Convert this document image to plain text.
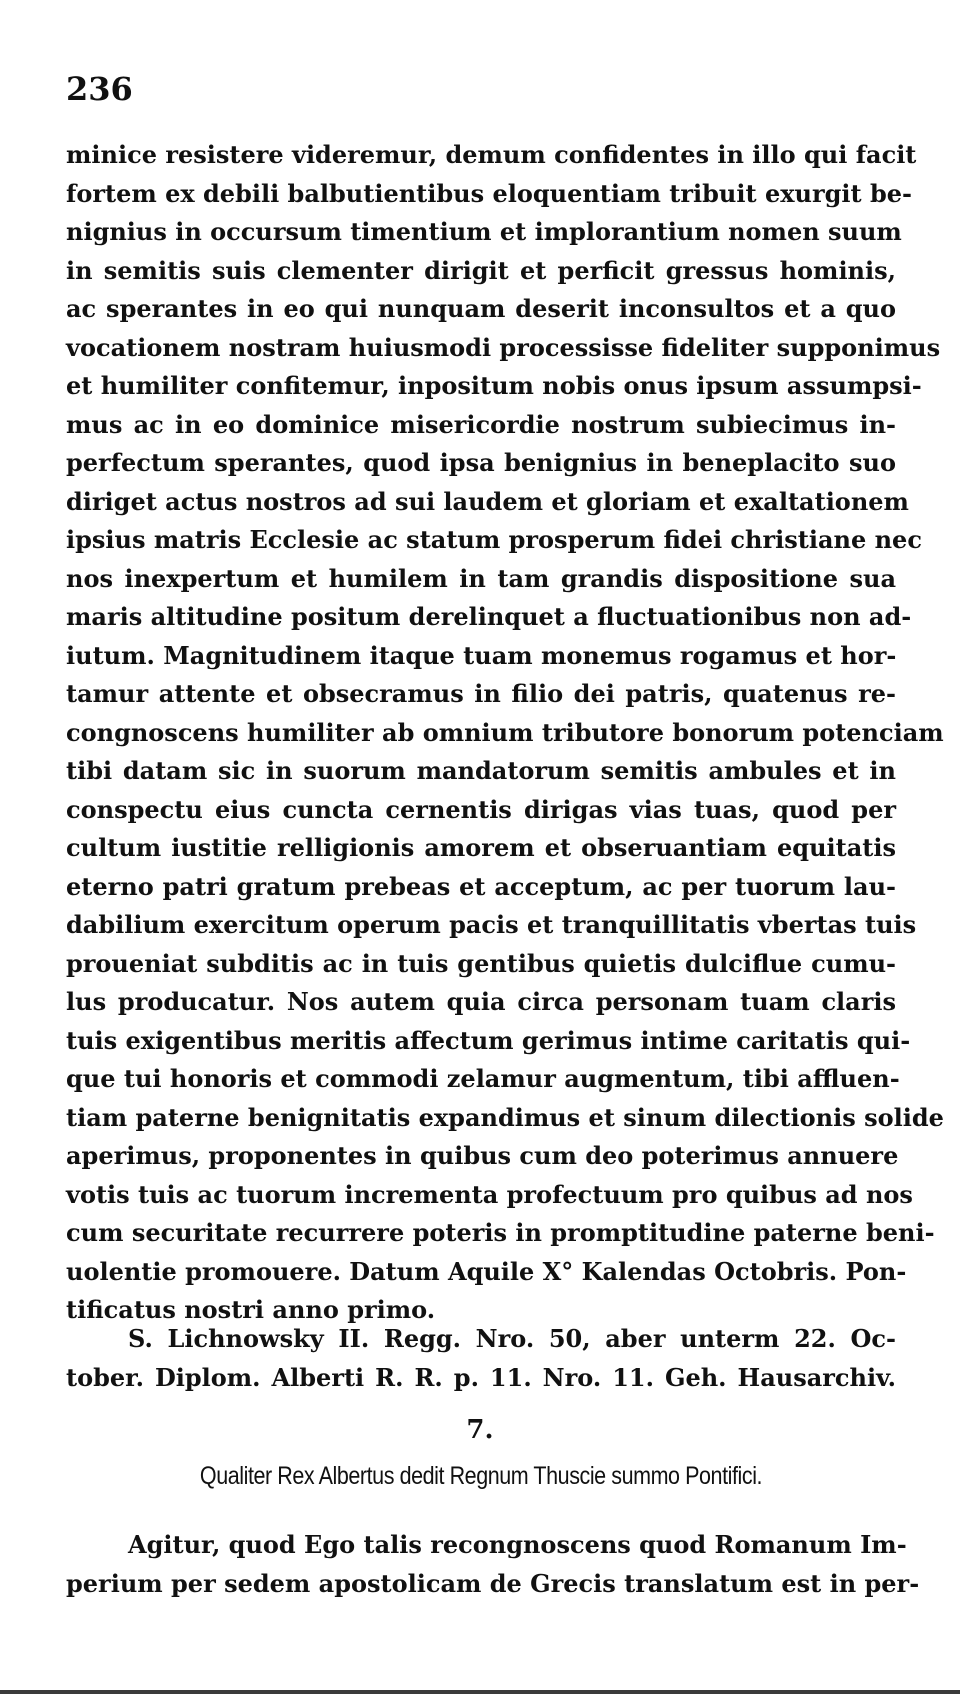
236
minice resistere videremur, demum confidentes in illo qui facit
fortem ex debili balbutientibus eloquentiam tribuit exurgit be-
nignius in occursum timentium et implorantium nomen suum
in semitis suis clementer dirigit et perficit gressus hominis,
ac sperantes in eo qui nunquam deserit inconsultos et a quo
vocationem nostram huiusmodi processisse fideliter supponimus
et humiliter confitemur, inpositum nobis onus ipsum assumpsi-
mus ac in eo dominice misericordie nostrum subiecimus in-
perfectum sperantes, quod ipsa benignius in beneplacito suo
diriget actus nostros ad sui laudem et gloriam et exaltationem
ipsius matris Ecclesie ac statum prosperum fidei christiane nec
nos inexpertum et humilem in tam grandis dispositione sua
maris altitudine positum derelinquet a fluctuationibus non ad-
iutum. Magnitudinem itaque tuam monemus rogamus et hor-
tamur attente et obsecramus in filio dei patris, quatenus re-
congnoscens humiliter ab omnium tributore bonorum potenciam
tibi datam sic in suorum mandatorum semitis ambules et in
conspectu eius cuncta cernentis dirigas vias tuas, quod per
cultum iustitie relligionis amorem et obseruantiam equitatis
eterno patri gratum prebeas et acceptum, ac per tuorum lau-
dabilium exercitum operum pacis et tranquillitatis vbertas tuis
proueniat subditis ac in tuis gentibus quietis dulciflue cumu-
lus producatur. Nos autem quia circa personam tuam claris
tuis exigentibus meritis affectum gerimus intime caritatis qui-
que tui honoris et commodi zelamur augmentum, tibi affluen-
tiam paterne benignitatis expandimus et sinum dilectionis solide
aperimus, proponentes in quibus cum deo poterimus annuere
votis tuis ac tuorum incrementa profectuum pro quibus ad nos
cum securitate recurrere poteris in promptitudine paterne beni-
uolentie promouere. Datum Aquile X° Kalendas Octobris. Pon-
tificatus nostri anno primo.
S. Lichnowsky II. Regg. Nro. 50, aber unterm 22. Oc-
tober. Diplom. Alberti R. R. p. 11. Nro. 11. Geh. Hausarchiv.
7.
Qualiter Rex Albertus dedit Regnum Thuscie summo Pontifici.
Agitur, quod Ego talis recongnoscens quod Romanum Im-
perium per sedem apostolicam de Grecis translatum est in per-
